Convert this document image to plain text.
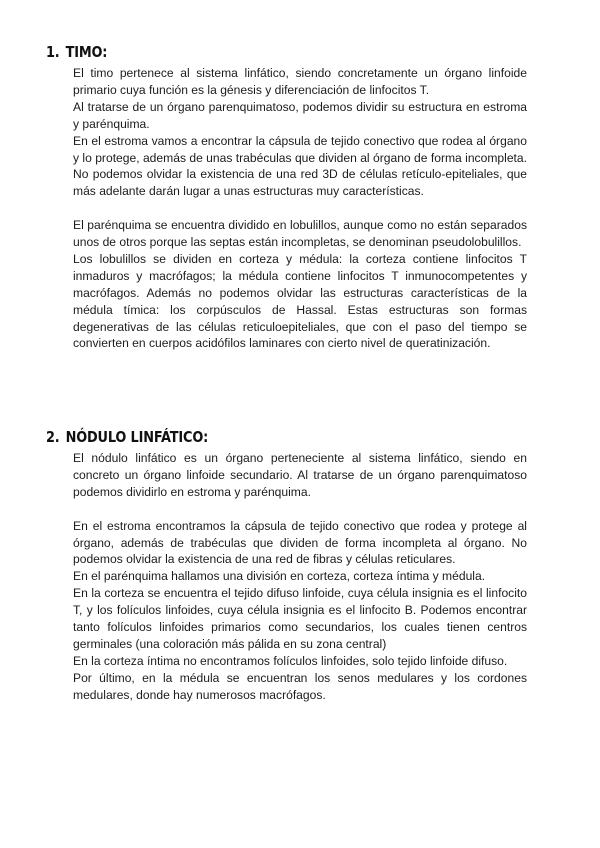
1. TIMO:

El timo pertenece al sistema linfático, siendo concretamente un órgano linfoide primario cuya función es la génesis y diferenciación de linfocitos T.

Al tratarse de un órgano parenquimatoso, podemos dividir su estructura en estroma y parénquima.

En el estroma vamos a encontrar la cápsula de tejido conectivo que rodea al órgano y lo protege, además de unas trabéculas que dividen al órgano de forma incompleta. No podemos olvidar la existencia de una red 3D de células retículo-epiteliales, que más adelante darán lugar a unas estructuras muy características.

El parénquima se encuentra dividido en lobulillos, aunque como no están separados unos de otros porque las septas están incompletas, se denominan pseudolobulillos.

Los lobulillos se dividen en corteza y médula: la corteza contiene linfocitos T inmaduros y macrófagos; la médula contiene linfocitos T inmunocompetentes y macrófagos. Además no podemos olvidar las estructuras características de la médula tímica: los corpúsculos de Hassal. Estas estructuras son formas degenerativas de las células reticuloepiteliales, que con el paso del tiempo se convierten en cuerpos acidófilos laminares con cierto nivel de queratinización.

2. NÓDULO LINFÁTICO:

El nódulo linfático es un órgano perteneciente al sistema linfático, siendo en concreto un órgano linfoide secundario. Al tratarse de un órgano parenquimatoso podemos dividirlo en estroma y parénquima.

En el estroma encontramos la cápsula de tejido conectivo que rodea y protege al órgano, además de trabéculas que dividen de forma incompleta al órgano. No podemos olvidar la existencia de una red de fibras y células reticulares.

En el parénquima hallamos una división en corteza, corteza íntima y médula.

En la corteza se encuentra el tejido difuso linfoide, cuya célula insignia es el linfocito T, y los folículos linfoides, cuya célula insignia es el linfocito B. Podemos encontrar tanto folículos linfoides primarios como secundarios, los cuales tienen centros germinales (una coloración más pálida en su zona central)

En la corteza íntima no encontramos folículos linfoides, solo tejido linfoide difuso.

Por último, en la médula se encuentran los senos medulares y los cordones medulares, donde hay numerosos macrófagos.
